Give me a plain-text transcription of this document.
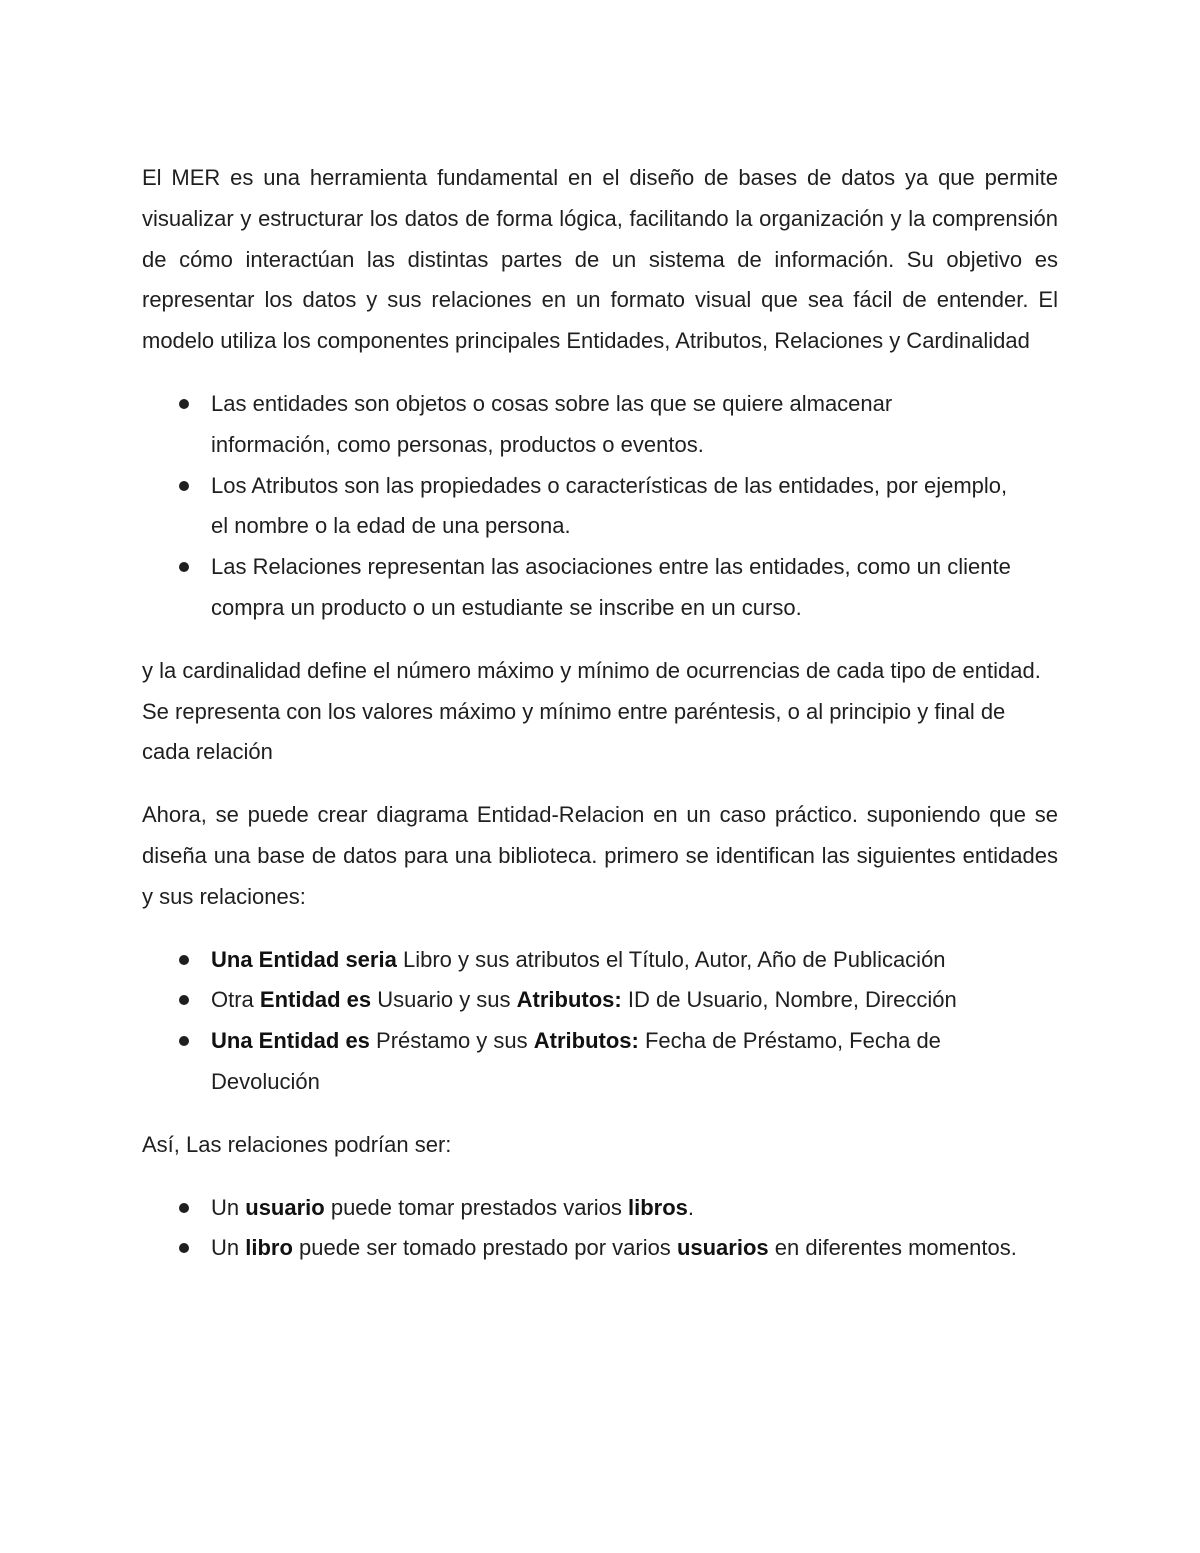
El MER es una herramienta fundamental en el diseño de bases de datos ya que permite visualizar y estructurar los datos de forma lógica, facilitando la organización y la comprensión de cómo interactúan las distintas partes de un sistema de información. Su objetivo es representar los datos y sus relaciones en un formato visual que sea fácil de entender. El modelo utiliza los componentes principales Entidades, Atributos, Relaciones y Cardinalidad

Las entidades son objetos o cosas sobre las que se quiere almacenar información, como personas, productos o eventos.
Los Atributos son las propiedades o características de las entidades, por ejemplo, el nombre o la edad de una persona.
Las Relaciones representan las asociaciones entre las entidades, como un cliente compra un producto o un estudiante se inscribe en un curso.

y la cardinalidad define el número máximo y mínimo de ocurrencias de cada tipo de entidad. Se representa con los valores máximo y mínimo entre paréntesis, o al principio y final de cada relación

Ahora, se puede crear diagrama Entidad-Relacion en un caso práctico. suponiendo que se diseña una base de datos para una biblioteca. primero se identifican las siguientes entidades y sus relaciones:

Una Entidad seria Libro y sus atributos el Título, Autor, Año de Publicación
Otra Entidad es Usuario y sus Atributos: ID de Usuario, Nombre, Dirección
Una Entidad es Préstamo y sus Atributos: Fecha de Préstamo, Fecha de Devolución

Así, Las relaciones podrían ser:

Un usuario puede tomar prestados varios libros.
Un libro puede ser tomado prestado por varios usuarios en diferentes momentos.
